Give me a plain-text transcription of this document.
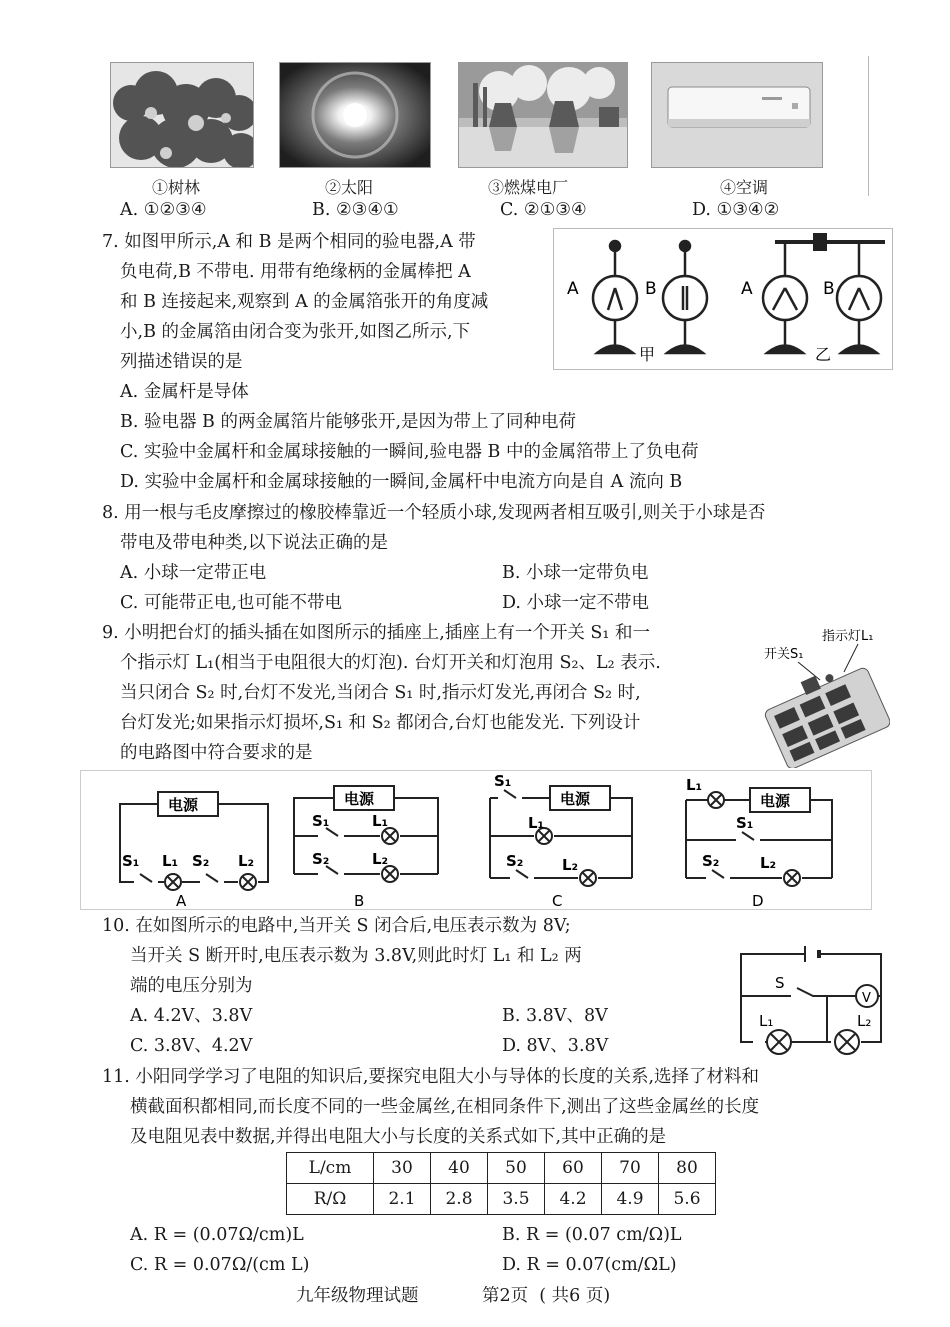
①树林	②太阳	③燃煤电厂	④空调
A. ①②③④	B. ②③④①	C. ②①③④	D. ①③④②
7. 如图甲所示,A 和 B 是两个相同的验电器,A 带
负电荷,B 不带电. 用带有绝缘柄的金属棒把 A
和 B 连接起来,观察到 A 的金属箔张开的角度减
小,B 的金属箔由闭合变为张开,如图乙所示,下
列描述错误的是
A	B	A	B
甲	乙
A. 金属杆是导体
B. 验电器 B 的两金属箔片能够张开,是因为带上了同种电荷
C. 实验中金属杆和金属球接触的一瞬间,验电器 B 中的金属箔带上了负电荷
D. 实验中金属杆和金属球接触的一瞬间,金属杆中电流方向是自 A 流向 B
8. 用一根与毛皮摩擦过的橡胶棒靠近一个轻质小球,发现两者相互吸引,则关于小球是否
带电及带电种类,以下说法正确的是
A. 小球一定带正电	B. 小球一定带负电
C. 可能带正电,也可能不带电	D. 小球一定不带电
9. 小明把台灯的插头插在如图所示的插座上,插座上有一个开关 S₁ 和一
个指示灯 L₁(相当于电阻很大的灯泡). 台灯开关和灯泡用 S₂、L₂ 表示.
当只闭合 S₂ 时,台灯不发光,当闭合 S₁ 时,指示灯发光,再闭合 S₂ 时,
台灯发光;如果指示灯损坏,S₁ 和 S₂ 都闭合,台灯也能发光. 下列设计
的电路图中符合要求的是
指示灯L₁
开关S₁
电源
S₁ L₁ S₂ L₂
A
电源
S₁	L₁
S₂	L₂
B
S₁
电源
L₁
S₂	L₂
C
L₁
电源
S₁
S₂	L₂
D
10. 在如图所示的电路中,当开关 S 闭合后,电压表示数为 8V;
当开关 S 断开时,电压表示数为 3.8V,则此时灯 L₁ 和 L₂ 两
端的电压分别为
A. 4.2V、3.8V	B. 3.8V、8V
C. 3.8V、4.2V	D. 8V、3.8V
S
V
L₁	L₂
11. 小阳同学学习了电阻的知识后,要探究电阻大小与导体的长度的关系,选择了材料和
横截面积都相同,而长度不同的一些金属丝,在相同条件下,测出了这些金属丝的长度
及电阻见表中数据,并得出电阻大小与长度的关系式如下,其中正确的是
L/cm	30	40	50	60	70	80
R/Ω	2.1	2.8	3.5	4.2	4.9	5.6
A. R = (0.07Ω/cm)L	B. R = (0.07 cm/Ω)L
C. R = 0.07Ω/(cm L)	D. R = 0.07(cm/ΩL)
九年级物理试题	第2页  ( 共6 页)
